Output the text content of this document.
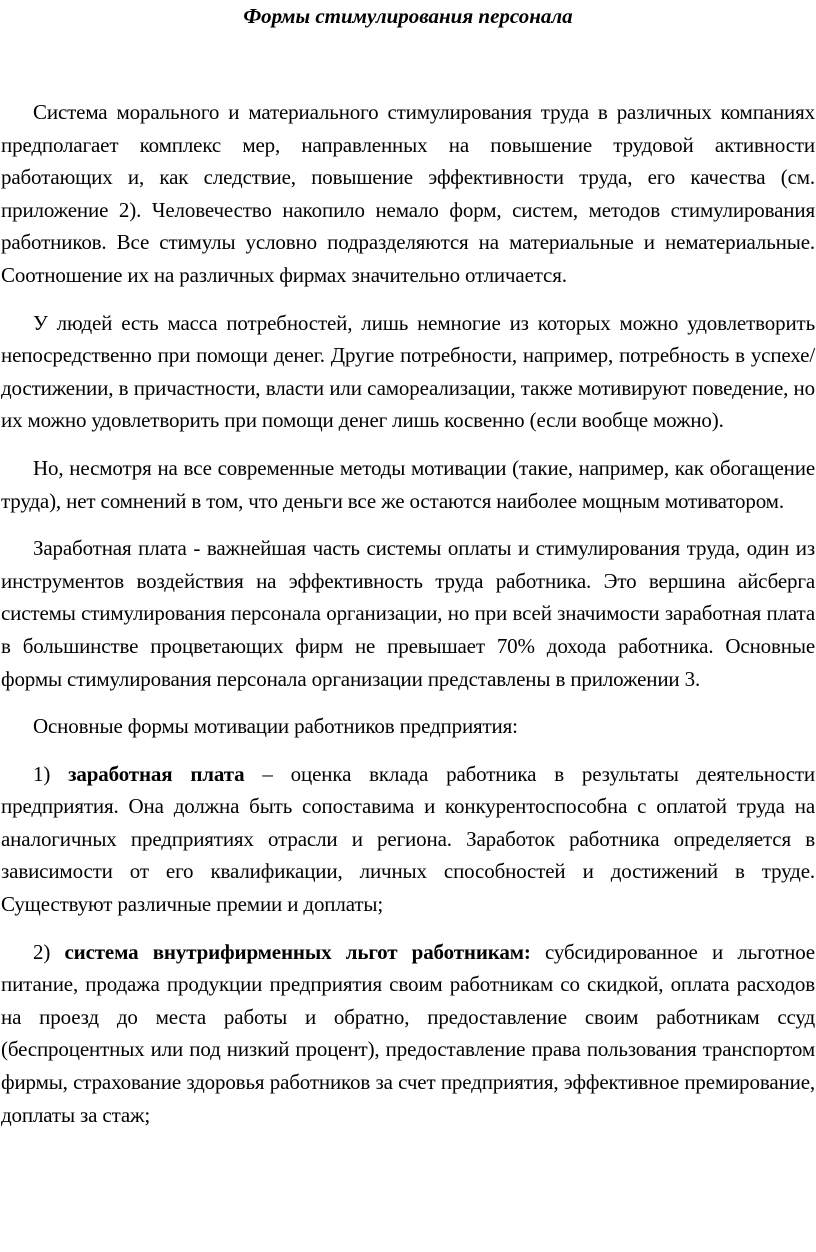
Формы стимулирования персонала

Система морального и материального стимулирования труда в различных компаниях предполагает комплекс мер, направленных на повышение трудовой активности работающих и, как следствие, повышение эффективности труда, его качества (см. приложение 2). Человечество накопило немало форм, систем, методов стимулирования работников. Все стимулы условно подразделяются на материальные и нематериальные. Соотношение их на различных фирмах значительно отличается.

У людей есть масса потребностей, лишь немногие из которых можно удовлетворить непосредственно при помощи денег. Другие потребности, например, потребность в успехе/достижении, в причастности, власти или самореализации, также мотивируют поведение, но их можно удовлетворить при помощи денег лишь косвенно (если вообще можно).

Но, несмотря на все современные методы мотивации (такие, например, как обогащение труда), нет сомнений в том, что деньги все же остаются наиболее мощным мотиватором.

Заработная плата - важнейшая часть системы оплаты и стимулирования труда, один из инструментов воздействия на эффективность труда работника. Это вершина айсберга системы стимулирования персонала организации, но при всей значимости заработная плата в большинстве процветающих фирм не превышает 70% дохода работника. Основные формы стимулирования персонала организации представлены в приложении 3.

Основные формы мотивации работников предприятия:

1) заработная плата – оценка вклада работника в результаты деятельности предприятия. Она должна быть сопоставима и конкурентоспособна с оплатой труда на аналогичных предприятиях отрасли и региона. Заработок работника определяется в зависимости от его квалификации, личных способностей и достижений в труде. Существуют различные премии и доплаты;

2) система внутрифирменных льгот работникам: субсидированное и льготное питание, продажа продукции предприятия своим работникам со скидкой, оплата расходов на проезд до места работы и обратно, предоставление своим работникам ссуд (беспроцентных или под низкий процент), предоставление права пользования транспортом фирмы, страхование здоровья работников за счет предприятия, эффективное премирование, доплаты за стаж;
